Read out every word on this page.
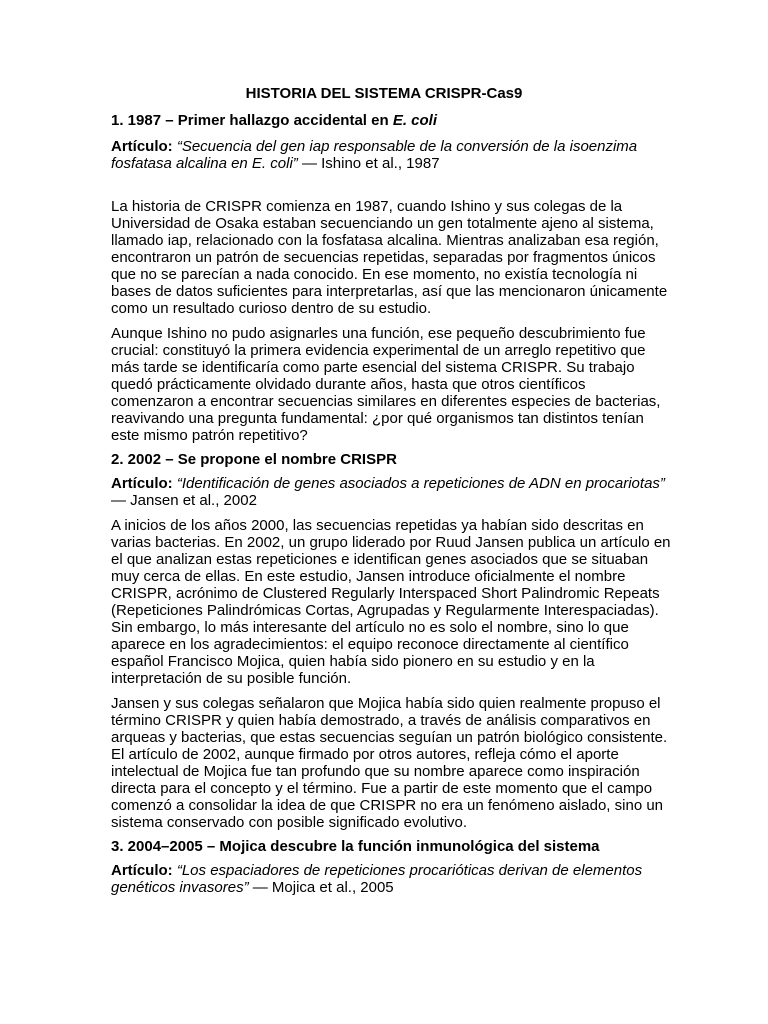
HISTORIA DEL SISTEMA CRISPR-Cas9

1. 1987 – Primer hallazgo accidental en E. coli

Artículo: “Secuencia del gen iap responsable de la conversión de la isoenzima fosfatasa alcalina en E. coli” — Ishino et al., 1987

La historia de CRISPR comienza en 1987, cuando Ishino y sus colegas de la Universidad de Osaka estaban secuenciando un gen totalmente ajeno al sistema, llamado iap, relacionado con la fosfatasa alcalina. Mientras analizaban esa región, encontraron un patrón de secuencias repetidas, separadas por fragmentos únicos que no se parecían a nada conocido. En ese momento, no existía tecnología ni bases de datos suficientes para interpretarlas, así que las mencionaron únicamente como un resultado curioso dentro de su estudio.

Aunque Ishino no pudo asignarles una función, ese pequeño descubrimiento fue crucial: constituyó la primera evidencia experimental de un arreglo repetitivo que más tarde se identificaría como parte esencial del sistema CRISPR. Su trabajo quedó prácticamente olvidado durante años, hasta que otros científicos comenzaron a encontrar secuencias similares en diferentes especies de bacterias, reavivando una pregunta fundamental: ¿por qué organismos tan distintos tenían este mismo patrón repetitivo?

2. 2002 – Se propone el nombre CRISPR

Artículo: “Identificación de genes asociados a repeticiones de ADN en procariotas” — Jansen et al., 2002

A inicios de los años 2000, las secuencias repetidas ya habían sido descritas en varias bacterias. En 2002, un grupo liderado por Ruud Jansen publica un artículo en el que analizan estas repeticiones e identifican genes asociados que se situaban muy cerca de ellas. En este estudio, Jansen introduce oficialmente el nombre CRISPR, acrónimo de Clustered Regularly Interspaced Short Palindromic Repeats (Repeticiones Palindrómicas Cortas, Agrupadas y Regularmente Interespaciadas). Sin embargo, lo más interesante del artículo no es solo el nombre, sino lo que aparece en los agradecimientos: el equipo reconoce directamente al científico español Francisco Mojica, quien había sido pionero en su estudio y en la interpretación de su posible función.

Jansen y sus colegas señalaron que Mojica había sido quien realmente propuso el término CRISPR y quien había demostrado, a través de análisis comparativos en arqueas y bacterias, que estas secuencias seguían un patrón biológico consistente. El artículo de 2002, aunque firmado por otros autores, refleja cómo el aporte intelectual de Mojica fue tan profundo que su nombre aparece como inspiración directa para el concepto y el término. Fue a partir de este momento que el campo comenzó a consolidar la idea de que CRISPR no era un fenómeno aislado, sino un sistema conservado con posible significado evolutivo.

3. 2004–2005 – Mojica descubre la función inmunológica del sistema

Artículo: “Los espaciadores de repeticiones procarióticas derivan de elementos genéticos invasores” — Mojica et al., 2005
